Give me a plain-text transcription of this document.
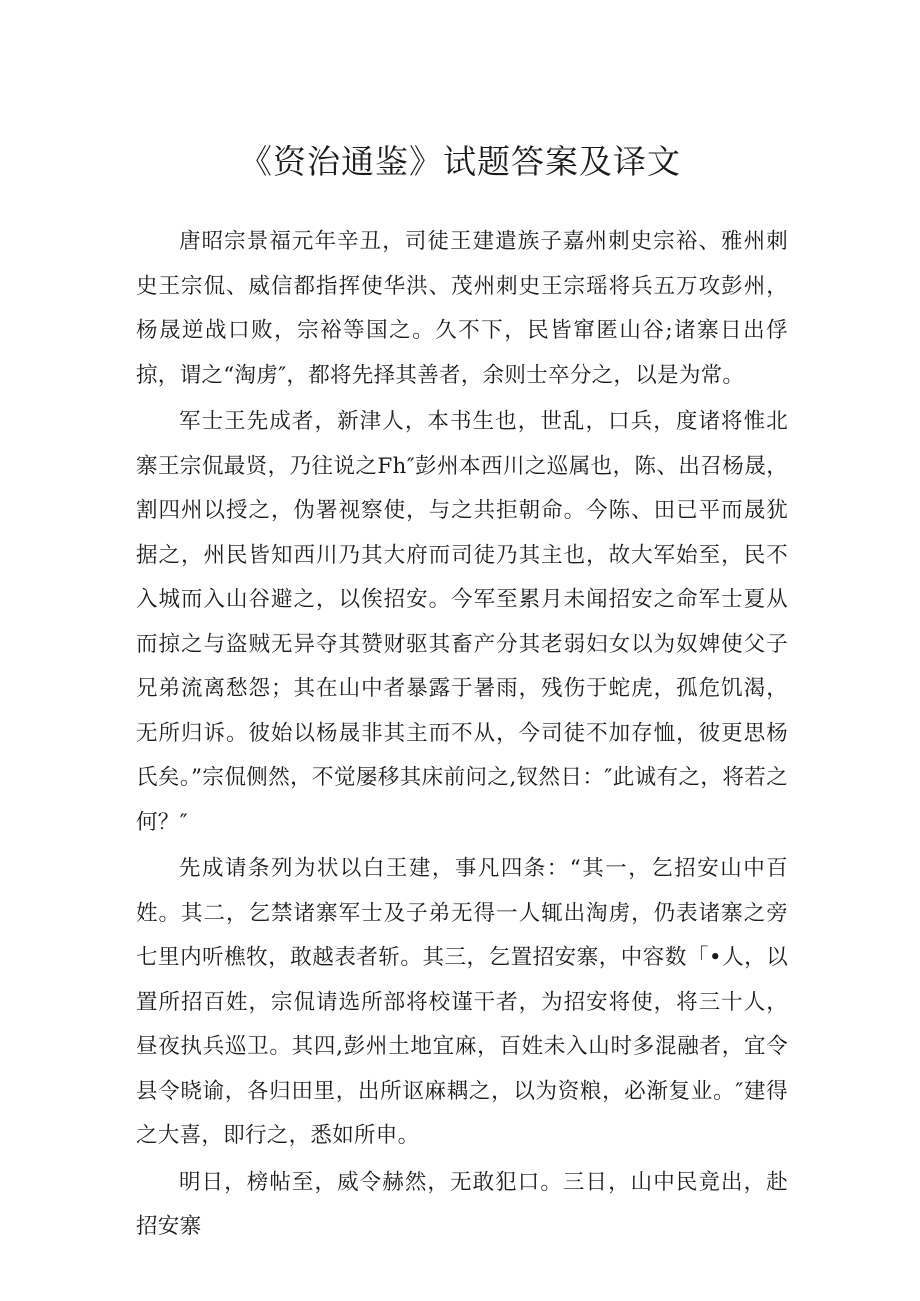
《资治通鉴》试题答案及译文

唐昭宗景福元年辛丑，司徒王建遣族子嘉州刺史宗裕、雅州刺史王宗侃、威信都指挥使华洪、茂州刺史王宗瑶将兵五万攻彭州，杨晟逆战口败，宗裕等国之。久不下，民皆窜匿山谷;诸寨日出俘掠，谓之“淘虏″，都将先择其善者，余则士卒分之，以是为常。

军士王先成者，新津人，本书生也，世乱，口兵，度诸将惟北寨王宗侃最贤，乃往说之Fh″彭州本西川之巡属也，陈、出召杨晟，割四州以授之，伪署视察使，与之共拒朝命。今陈、田已平而晟犹据之，州民皆知西川乃其大府而司徒乃其主也，故大军始至，民不入城而入山谷避之，以俟招安。今军至累月未闻招安之命军士夏从而掠之与盗贼无异夺其赞财驱其畜产分其老弱妇女以为奴婢使父子兄弟流离愁怨；其在山中者暴露于暑雨，残伤于蛇虎，孤危饥渴，无所归诉。彼始以杨晟非其主而不从，今司徒不加存恤，彼更思杨氏矣。”宗侃侧然，不觉屡移其床前问之,钗然日：″此诚有之，将若之何？″

先成请条列为状以白王建，事凡四条：“其一，乞招安山中百姓。其二，乞禁诸寨军士及子弟无得一人辄出淘虏，仍表诸寨之旁七里内听樵牧，敢越表者斩。其三，乞置招安寨，中容数「•人，以置所招百姓，宗侃请选所部将校谨干者，为招安将使，将三十人，昼夜执兵巡卫。其四,彭州土地宜麻，百姓未入山时多混融者，宜令县令晓谕，各归田里，出所讴麻耦之，以为资粮，必渐复业。″建得之大喜，即行之，悉如所申。

明日，榜帖至，威令赫然，无敢犯口。三日，山中民竟出，赴招安寨
